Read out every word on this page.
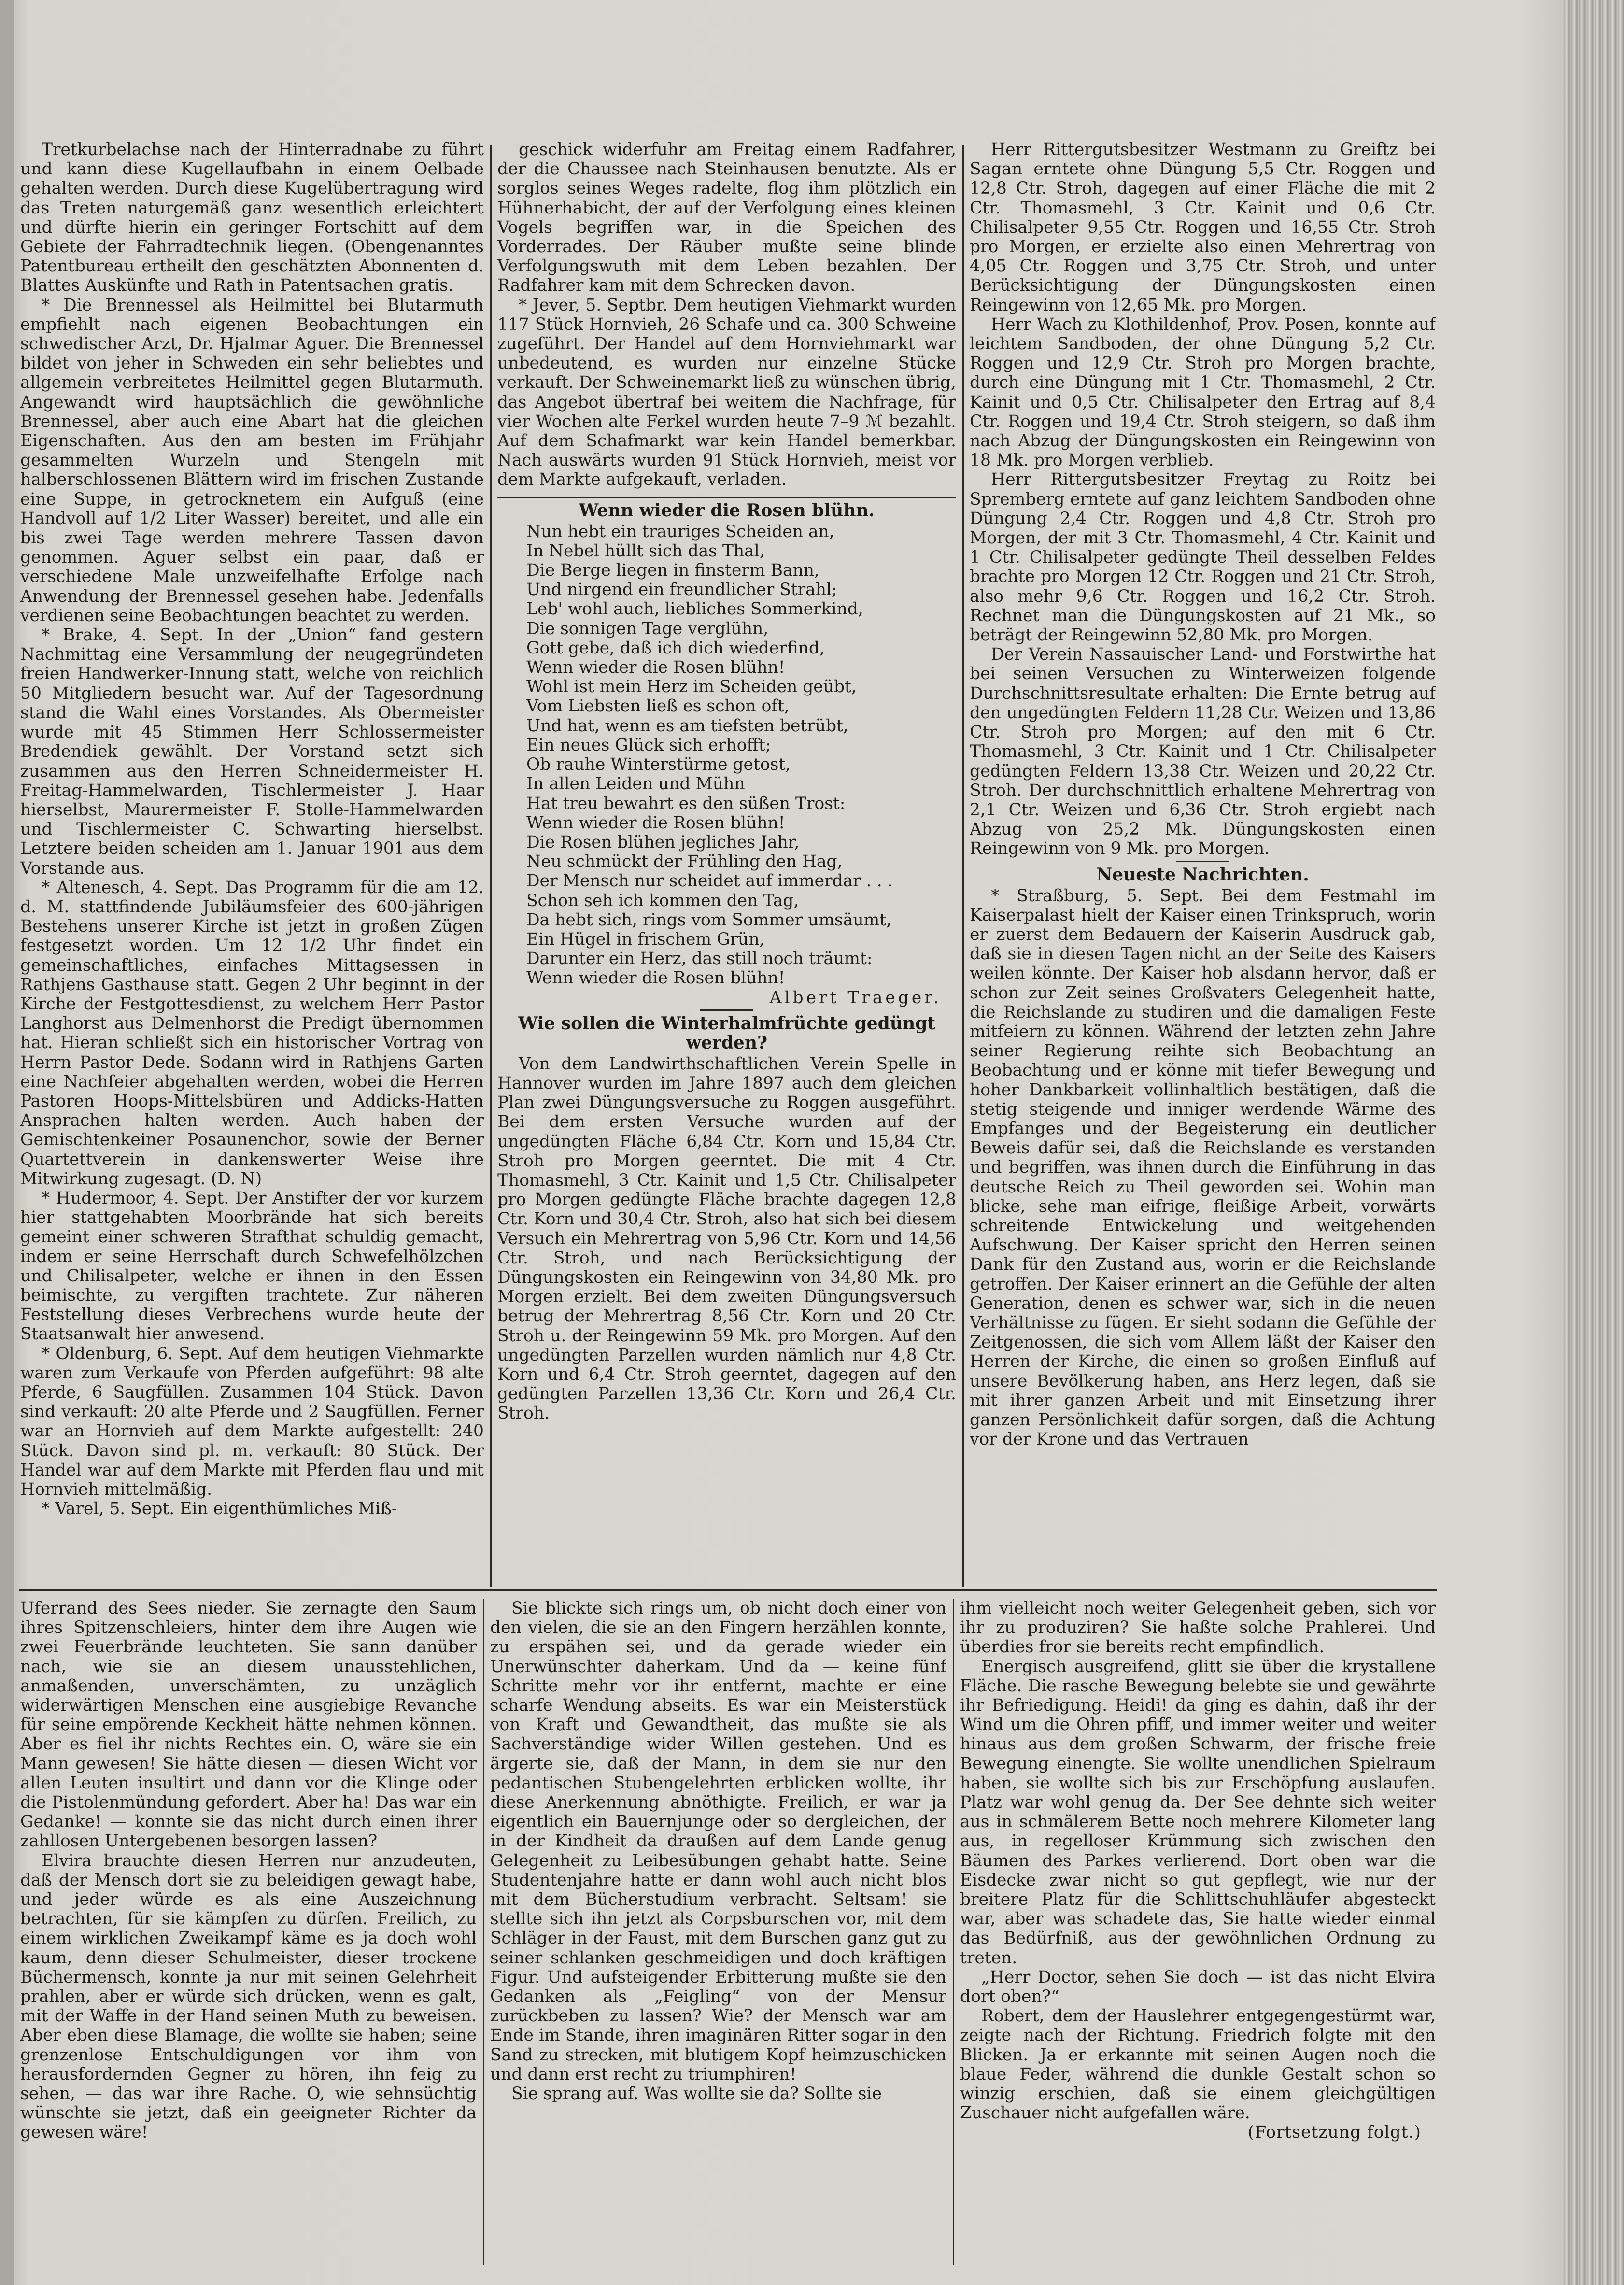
Tretkurbelachse nach der Hinterradnabe zu führt und kann diese Kugellaufbahn in einem Oelbade gehalten werden. Durch diese Kugelübertragung wird das Treten naturgemäß ganz wesentlich erleichtert und dürfte hierin ein geringer Fortschitt auf dem Gebiete der Fahrradtechnik liegen. (Obengenanntes Patentbureau ertheilt den geschätzten Abonnenten d. Blattes Auskünfte und Rath in Patentsachen gratis.

* Die Brennessel als Heilmittel bei Blutarmuth empfiehlt nach eigenen Beobachtungen ein schwedischer Arzt, Dr. Hjalmar Aguer. Die Brennessel bildet von jeher in Schweden ein sehr beliebtes und allgemein verbreitetes Heilmittel gegen Blutarmuth. Angewandt wird hauptsächlich die gewöhnliche Brennessel, aber auch eine Abart hat die gleichen Eigenschaften. Aus den am besten im Frühjahr gesammelten Wurzeln und Stengeln mit halberschlossenen Blättern wird im frischen Zustande eine Suppe, in getrocknetem ein Aufguß (eine Handvoll auf 1/2 Liter Wasser) bereitet, und alle ein bis zwei Tage werden mehrere Tassen davon genommen. Aguer selbst ein paar, daß er verschiedene Male unzweifelhafte Erfolge nach Anwendung der Brennessel gesehen habe. Jedenfalls verdienen seine Beobachtungen beachtet zu werden.

* Brake, 4. Sept. In der „Union“ fand gestern Nachmittag eine Versammlung der neugegründeten freien Handwerker-Innung statt, welche von reichlich 50 Mitgliedern besucht war. Auf der Tagesordnung stand die Wahl eines Vorstandes. Als Obermeister wurde mit 45 Stimmen Herr Schlossermeister Bredendiek gewählt. Der Vorstand setzt sich zusammen aus den Herren Schneidermeister H. Freitag-Hammelwarden, Tischlermeister J. Haar hierselbst, Maurermeister F. Stolle-Hammelwarden und Tischlermeister C. Schwarting hierselbst. Letztere beiden scheiden am 1. Januar 1901 aus dem Vorstande aus.

* Altenesch, 4. Sept. Das Programm für die am 12. d. M. stattfindende Jubiläumsfeier des 600-jährigen Bestehens unserer Kirche ist jetzt in großen Zügen festgesetzt worden. Um 12 1/2 Uhr findet ein gemeinschaftliches, einfaches Mittagsessen in Rathjens Gasthause statt. Gegen 2 Uhr beginnt in der Kirche der Festgottesdienst, zu welchem Herr Pastor Langhorst aus Delmenhorst die Predigt übernommen hat. Hieran schließt sich ein historischer Vortrag von Herrn Pastor Dede. Sodann wird in Rathjens Garten eine Nachfeier abgehalten werden, wobei die Herren Pastoren Hoops-Mittelsbüren und Addicks-Hatten Ansprachen halten werden. Auch haben der Gemischtenkeiner Posaunenchor, sowie der Berner Quartettverein in dankenswerter Weise ihre Mitwirkung zugesagt. (D. N)

* Hudermoor, 4. Sept. Der Anstifter der vor kurzem hier stattgehabten Moorbrände hat sich bereits gemeint einer schweren Strafthat schuldig gemacht, indem er seine Herrschaft durch Schwefelhölzchen und Chilisalpeter, welche er ihnen in den Essen beimischte, zu vergiften trachtete. Zur näheren Feststellung dieses Verbrechens wurde heute der Staatsanwalt hier anwesend.

* Oldenburg, 6. Sept. Auf dem heutigen Viehmarkte waren zum Verkaufe von Pferden aufgeführt: 98 alte Pferde, 6 Saugfüllen. Zusammen 104 Stück. Davon sind verkauft: 20 alte Pferde und 2 Saugfüllen. Ferner war an Hornvieh auf dem Markte aufgestellt: 240 Stück. Davon sind pl. m. verkauft: 80 Stück. Der Handel war auf dem Markte mit Pferden flau und mit Hornvieh mittelmäßig.

* Varel, 5. Sept. Ein eigenthümliches Miß-

geschick widerfuhr am Freitag einem Radfahrer, der die Chaussee nach Steinhausen benutzte. Als er sorglos seines Weges radelte, flog ihm plötzlich ein Hühnerhabicht, der auf der Verfolgung eines kleinen Vogels begriffen war, in die Speichen des Vorderrades. Der Räuber mußte seine blinde Verfolgungswuth mit dem Leben bezahlen. Der Radfahrer kam mit dem Schrecken davon.

* Jever, 5. Septbr. Dem heutigen Viehmarkt wurden 117 Stück Hornvieh, 26 Schafe und ca. 300 Schweine zugeführt. Der Handel auf dem Hornviehmarkt war unbedeutend, es wurden nur einzelne Stücke verkauft. Der Schweinemarkt ließ zu wünschen übrig, das Angebot übertraf bei weitem die Nachfrage, für vier Wochen alte Ferkel wurden heute 7–9 ℳ bezahlt. Auf dem Schafmarkt war kein Handel bemerkbar. Nach auswärts wurden 91 Stück Hornvieh, meist vor dem Markte aufgekauft, verladen.

Wenn wieder die Rosen blühn.
Nun hebt ein trauriges Scheiden an,
In Nebel hüllt sich das Thal,
Die Berge liegen in finsterm Bann,
Und nirgend ein freundlicher Strahl;
Leb' wohl auch, liebliches Sommerkind,
Die sonnigen Tage verglühn,
Gott gebe, daß ich dich wiederfind,
Wenn wieder die Rosen blühn!
Wohl ist mein Herz im Scheiden geübt,
Vom Liebsten ließ es schon oft,
Und hat, wenn es am tiefsten betrübt,
Ein neues Glück sich erhofft;
Ob rauhe Winterstürme getost,
In allen Leiden und Mühn
Hat treu bewahrt es den süßen Trost:
Wenn wieder die Rosen blühn!
Die Rosen blühen jegliches Jahr,
Neu schmückt der Frühling den Hag,
Der Mensch nur scheidet auf immerdar . . .
Schon seh ich kommen den Tag,
Da hebt sich, rings vom Sommer umsäumt,
Ein Hügel in frischem Grün,
Darunter ein Herz, das still noch träumt:
Wenn wieder die Rosen blühn!
Albert Traeger.
Wie sollen die Winterhalmfrüchte gedüngt werden?

Von dem Landwirthschaftlichen Verein Spelle in Hannover wurden im Jahre 1897 auch dem gleichen Plan zwei Düngungsversuche zu Roggen ausgeführt. Bei dem ersten Versuche wurden auf der ungedüngten Fläche 6,84 Ctr. Korn und 15,84 Ctr. Stroh pro Morgen geerntet. Die mit 4 Ctr. Thomasmehl, 3 Ctr. Kainit und 1,5 Ctr. Chilisalpeter pro Morgen gedüngte Fläche brachte dagegen 12,8 Ctr. Korn und 30,4 Ctr. Stroh, also hat sich bei diesem Versuch ein Mehrertrag von 5,96 Ctr. Korn und 14,56 Ctr. Stroh, und nach Berücksichtigung der Düngungskosten ein Reingewinn von 34,80 Mk. pro Morgen erzielt. Bei dem zweiten Düngungsversuch betrug der Mehrertrag 8,56 Ctr. Korn und 20 Ctr. Stroh u. der Reingewinn 59 Mk. pro Morgen. Auf den ungedüngten Parzellen wurden nämlich nur 4,8 Ctr. Korn und 6,4 Ctr. Stroh geerntet, dagegen auf den gedüngten Parzellen 13,36 Ctr. Korn und 26,4 Ctr. Stroh.

Herr Rittergutsbesitzer Westmann zu Greiftz bei Sagan erntete ohne Düngung 5,5 Ctr. Roggen und 12,8 Ctr. Stroh, dagegen auf einer Fläche die mit 2 Ctr. Thomasmehl, 3 Ctr. Kainit und 0,6 Ctr. Chilisalpeter 9,55 Ctr. Roggen und 16,55 Ctr. Stroh pro Morgen, er erzielte also einen Mehrertrag von 4,05 Ctr. Roggen und 3,75 Ctr. Stroh, und unter Berücksichtigung der Düngungskosten einen Reingewinn von 12,65 Mk. pro Morgen.

Herr Wach zu Klothildenhof, Prov. Posen, konnte auf leichtem Sandboden, der ohne Düngung 5,2 Ctr. Roggen und 12,9 Ctr. Stroh pro Morgen brachte, durch eine Düngung mit 1 Ctr. Thomasmehl, 2 Ctr. Kainit und 0,5 Ctr. Chilisalpeter den Ertrag auf 8,4 Ctr. Roggen und 19,4 Ctr. Stroh steigern, so daß ihm nach Abzug der Düngungskosten ein Reingewinn von 18 Mk. pro Morgen verblieb.

Herr Rittergutsbesitzer Freytag zu Roitz bei Spremberg erntete auf ganz leichtem Sandboden ohne Düngung 2,4 Ctr. Roggen und 4,8 Ctr. Stroh pro Morgen, der mit 3 Ctr. Thomasmehl, 4 Ctr. Kainit und 1 Ctr. Chilisalpeter gedüngte Theil desselben Feldes brachte pro Morgen 12 Ctr. Roggen und 21 Ctr. Stroh, also mehr 9,6 Ctr. Roggen und 16,2 Ctr. Stroh. Rechnet man die Düngungskosten auf 21 Mk., so beträgt der Reingewinn 52,80 Mk. pro Morgen.

Der Verein Nassauischer Land- und Forstwirthe hat bei seinen Versuchen zu Winterweizen folgende Durchschnittsresultate erhalten: Die Ernte betrug auf den ungedüngten Feldern 11,28 Ctr. Weizen und 13,86 Ctr. Stroh pro Morgen; auf den mit 6 Ctr. Thomasmehl, 3 Ctr. Kainit und 1 Ctr. Chilisalpeter gedüngten Feldern 13,38 Ctr. Weizen und 20,22 Ctr. Stroh. Der durchschnittlich erhaltene Mehrertrag von 2,1 Ctr. Weizen und 6,36 Ctr. Stroh ergiebt nach Abzug von 25,2 Mk. Düngungskosten einen Reingewinn von 9 Mk. pro Morgen.

Neueste Nachrichten.

* Straßburg, 5. Sept. Bei dem Festmahl im Kaiserpalast hielt der Kaiser einen Trinkspruch, worin er zuerst dem Bedauern der Kaiserin Ausdruck gab, daß sie in diesen Tagen nicht an der Seite des Kaisers weilen könnte. Der Kaiser hob alsdann hervor, daß er schon zur Zeit seines Großvaters Gelegenheit hatte, die Reichslande zu studiren und die damaligen Feste mitfeiern zu können. Während der letzten zehn Jahre seiner Regierung reihte sich Beobachtung an Beobachtung und er könne mit tiefer Bewegung und hoher Dankbarkeit vollinhaltlich bestätigen, daß die stetig steigende und inniger werdende Wärme des Empfanges und der Begeisterung ein deutlicher Beweis dafür sei, daß die Reichslande es verstanden und begriffen, was ihnen durch die Einführung in das deutsche Reich zu Theil geworden sei. Wohin man blicke, sehe man eifrige, fleißige Arbeit, vorwärts schreitende Entwickelung und weitgehenden Aufschwung. Der Kaiser spricht den Herren seinen Dank für den Zustand aus, worin er die Reichslande getroffen. Der Kaiser erinnert an die Gefühle der alten Generation, denen es schwer war, sich in die neuen Verhältnisse zu fügen. Er sieht sodann die Gefühle der Zeitgenossen, die sich vom Allem läßt der Kaiser den Herren der Kirche, die einen so großen Einfluß auf unsere Bevölkerung haben, ans Herz legen, daß sie mit ihrer ganzen Arbeit und mit Einsetzung ihrer ganzen Persönlichkeit dafür sorgen, daß die Achtung vor der Krone und das Vertrauen

Uferrand des Sees nieder. Sie zernagte den Saum ihres Spitzenschleiers, hinter dem ihre Augen wie zwei Feuerbrände leuchteten. Sie sann danüber nach, wie sie an diesem unausstehlichen, anmaßenden, unverschämten, zu unzäglich widerwärtigen Menschen eine ausgiebige Revanche für seine empörende Keckheit hätte nehmen können. Aber es fiel ihr nichts Rechtes ein. O, wäre sie ein Mann gewesen! Sie hätte diesen — diesen Wicht vor allen Leuten insultirt und dann vor die Klinge oder die Pistolenmündung gefordert. Aber ha! Das war ein Gedanke! — konnte sie das nicht durch einen ihrer zahllosen Untergebenen besorgen lassen?

Elvira brauchte diesen Herren nur anzudeuten, daß der Mensch dort sie zu beleidigen gewagt habe, und jeder würde es als eine Auszeichnung betrachten, für sie kämpfen zu dürfen. Freilich, zu einem wirklichen Zweikampf käme es ja doch wohl kaum, denn dieser Schulmeister, dieser trockene Büchermensch, konnte ja nur mit seinen Gelehrheit prahlen, aber er würde sich drücken, wenn es galt, mit der Waffe in der Hand seinen Muth zu beweisen. Aber eben diese Blamage, die wollte sie haben; seine grenzenlose Entschuldigungen vor ihm von herausfordernden Gegner zu hören, ihn feig zu sehen, — das war ihre Rache. O, wie sehnsüchtig wünschte sie jetzt, daß ein geeigneter Richter da gewesen wäre!

Sie blickte sich rings um, ob nicht doch einer von den vielen, die sie an den Fingern herzählen konnte, zu erspähen sei, und da gerade wieder ein Unerwünschter daherkam. Und da — keine fünf Schritte mehr vor ihr entfernt, machte er eine scharfe Wendung abseits. Es war ein Meisterstück von Kraft und Gewandtheit, das mußte sie als Sachverständige wider Willen gestehen. Und es ärgerte sie, daß der Mann, in dem sie nur den pedantischen Stubengelehrten erblicken wollte, ihr diese Anerkennung abnöthigte. Freilich, er war ja eigentlich ein Bauernjunge oder so dergleichen, der in der Kindheit da draußen auf dem Lande genug Gelegenheit zu Leibesübungen gehabt hatte. Seine Studentenjahre hatte er dann wohl auch nicht blos mit dem Bücherstudium verbracht. Seltsam! sie stellte sich ihn jetzt als Corpsburschen vor, mit dem Schläger in der Faust, mit dem Burschen ganz gut zu seiner schlanken geschmeidigen und doch kräftigen Figur. Und aufsteigender Erbitterung mußte sie den Gedanken als „Feigling“ von der Mensur zurückbeben zu lassen? Wie? der Mensch war am Ende im Stande, ihren imaginären Ritter sogar in den Sand zu strecken, mit blutigem Kopf heimzuschicken und dann erst recht zu triumphiren!

Sie sprang auf. Was wollte sie da? Sollte sie

ihm vielleicht noch weiter Gelegenheit geben, sich vor ihr zu produziren? Sie haßte solche Prahlerei. Und überdies fror sie bereits recht empfindlich.

Energisch ausgreifend, glitt sie über die krystallene Fläche. Die rasche Bewegung belebte sie und gewährte ihr Befriedigung. Heidi! da ging es dahin, daß ihr der Wind um die Ohren pfiff, und immer weiter und weiter hinaus aus dem großen Schwarm, der frische freie Bewegung einengte. Sie wollte unendlichen Spielraum haben, sie wollte sich bis zur Erschöpfung auslaufen. Platz war wohl genug da. Der See dehnte sich weiter aus in schmälerem Bette noch mehrere Kilometer lang aus, in regelloser Krümmung sich zwischen den Bäumen des Parkes verlierend. Dort oben war die Eisdecke zwar nicht so gut gepflegt, wie nur der breitere Platz für die Schlittschuhläufer abgesteckt war, aber was schadete das, Sie hatte wieder einmal das Bedürfniß, aus der gewöhnlichen Ordnung zu treten.

„Herr Doctor, sehen Sie doch — ist das nicht Elvira dort oben?“

Robert, dem der Hauslehrer entgegengestürmt war, zeigte nach der Richtung. Friedrich folgte mit den Blicken. Ja er erkannte mit seinen Augen noch die blaue Feder, während die dunkle Gestalt schon so winzig erschien, daß sie einem gleichgültigen Zuschauer nicht aufgefallen wäre.

(Fortsetzung folgt.)
